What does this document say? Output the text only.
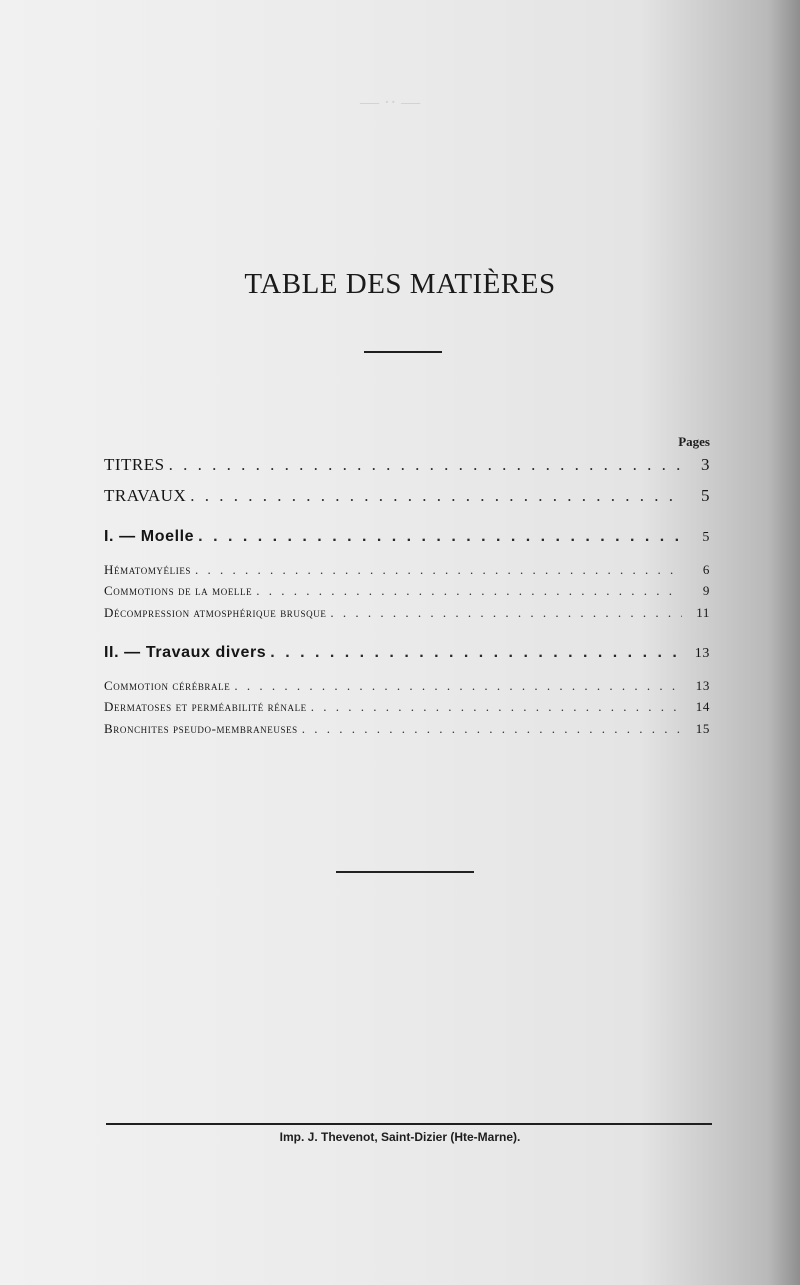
— ·· —
TABLE DES MATIÈRES
Pages
TITRES . . .	3
TRAVAUX . . .	5
I. — Moelle . . .	5
Hématomyélies . . .	6
Commotions de la moelle . . .	9
Décompression atmosphérique brusque . . .	11
II. — Travaux divers . . .	13
Commotion cérébrale . . .	13
Dermatoses et perméabilité rénale . . .	14
Bronchites pseudo-membraneuses . . .	15
Imp. J. Thevenot, Saint-Dizier (Hte-Marne).
